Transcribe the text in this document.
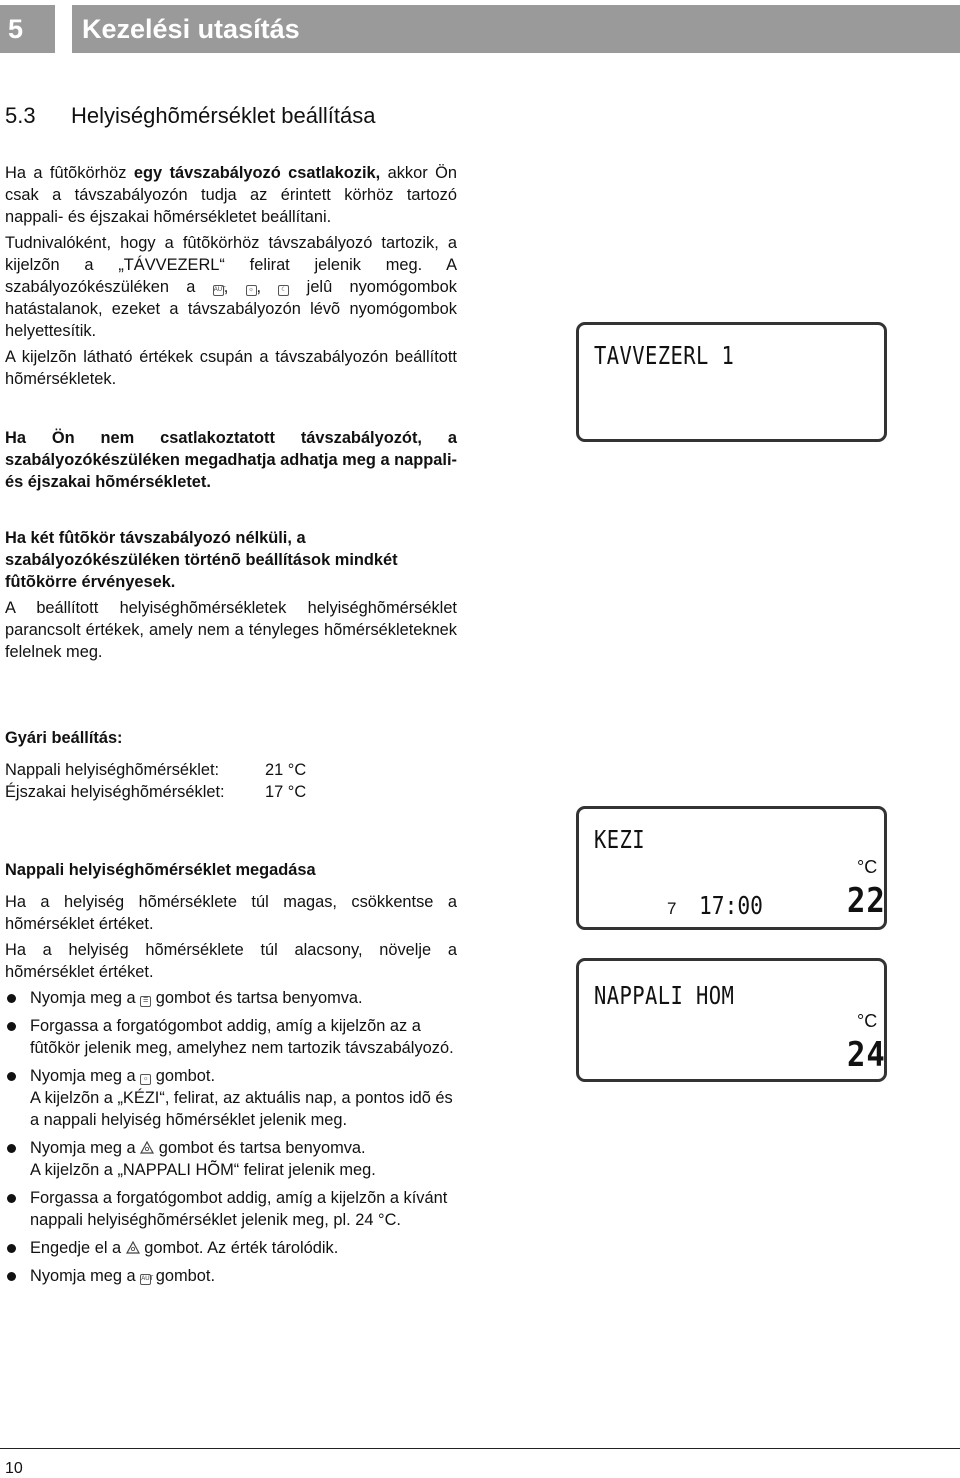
5	Kezelési utasítás
5.3 Helyiséghõmérséklet beállítása

Ha a fûtõkörhöz egy távszabályozó csatlakozik, akkor Ön csak a távszabályozón tudja az érintett körhöz tartozó nappali- és éjszakai hõmérsékletet beállítani.

Tudnivalóként, hogy a fûtõkörhöz távszabályozó tartozik, a kijelzõn a „TÁVVEZERL“ felirat jelenik meg. A szabályozókészüléken a AUT, ☼ , ☾ jelû nyomógombok hatástalanok, ezeket a távszabályozón lévõ nyomógombok helyettesítik.

A kijelzõn látható értékek csupán a távszabályozón beállított hõmérsékletek.

Ha Ön nem csatlakoztatott távszabályozót, a szabályozókészüléken megadhatja adhatja meg a nappali- és éjszakai hõmérsékletet.

Ha két fûtõkör távszabályozó nélküli, a szabályozókészüléken történõ beállítások mindkét fûtõkörre érvényesek.

A beállított helyiséghõmérsékletek helyiséghõmérséklet parancsolt értékek, amely nem a tényleges hõmérsékleteknek felelnek meg.

Gyári beállítás:

Nappali helyiséghõmérséklet:	21 °C
Éjszakai helyiséghõmérséklet:	17 °C

Nappali helyiséghõmérséklet megadása

Ha a helyiség hõmérséklete túl magas, csökkentse a hõmérséklet értéket.

Ha a helyiség hõmérséklete túl alacsony, növelje a hõmérséklet értéket.

Nyomja meg a ☰ gombot és tartsa benyomva.
Forgassa a forgatógombot addig, amíg a kijelzõn az a fûtõkör jelenik meg, amelyhez nem tartozik távszabályozó.
Nyomja meg a ☼ gombot.
A kijelzõn a „KÉZI“, felirat, az aktuális nap, a pontos idõ és a nappali helyiség hõmérséklet jelenik meg.
Nyomja meg a  gombot és tartsa benyomva.
A kijelzõn a „NAPPALI HÕM“ felirat jelenik meg.
Forgassa a forgatógombot addig, amíg a kijelzõn a kívánt nappali helyiséghõmérséklet jelenik meg, pl. 24 °C.
Engedje el a  gombot. Az érték tárolódik.
Nyomja meg a AUT gombot.
TAVVEZERL 1
KEZI
°C
7 17:00 22
NAPPALI HOM
°C
24
10
